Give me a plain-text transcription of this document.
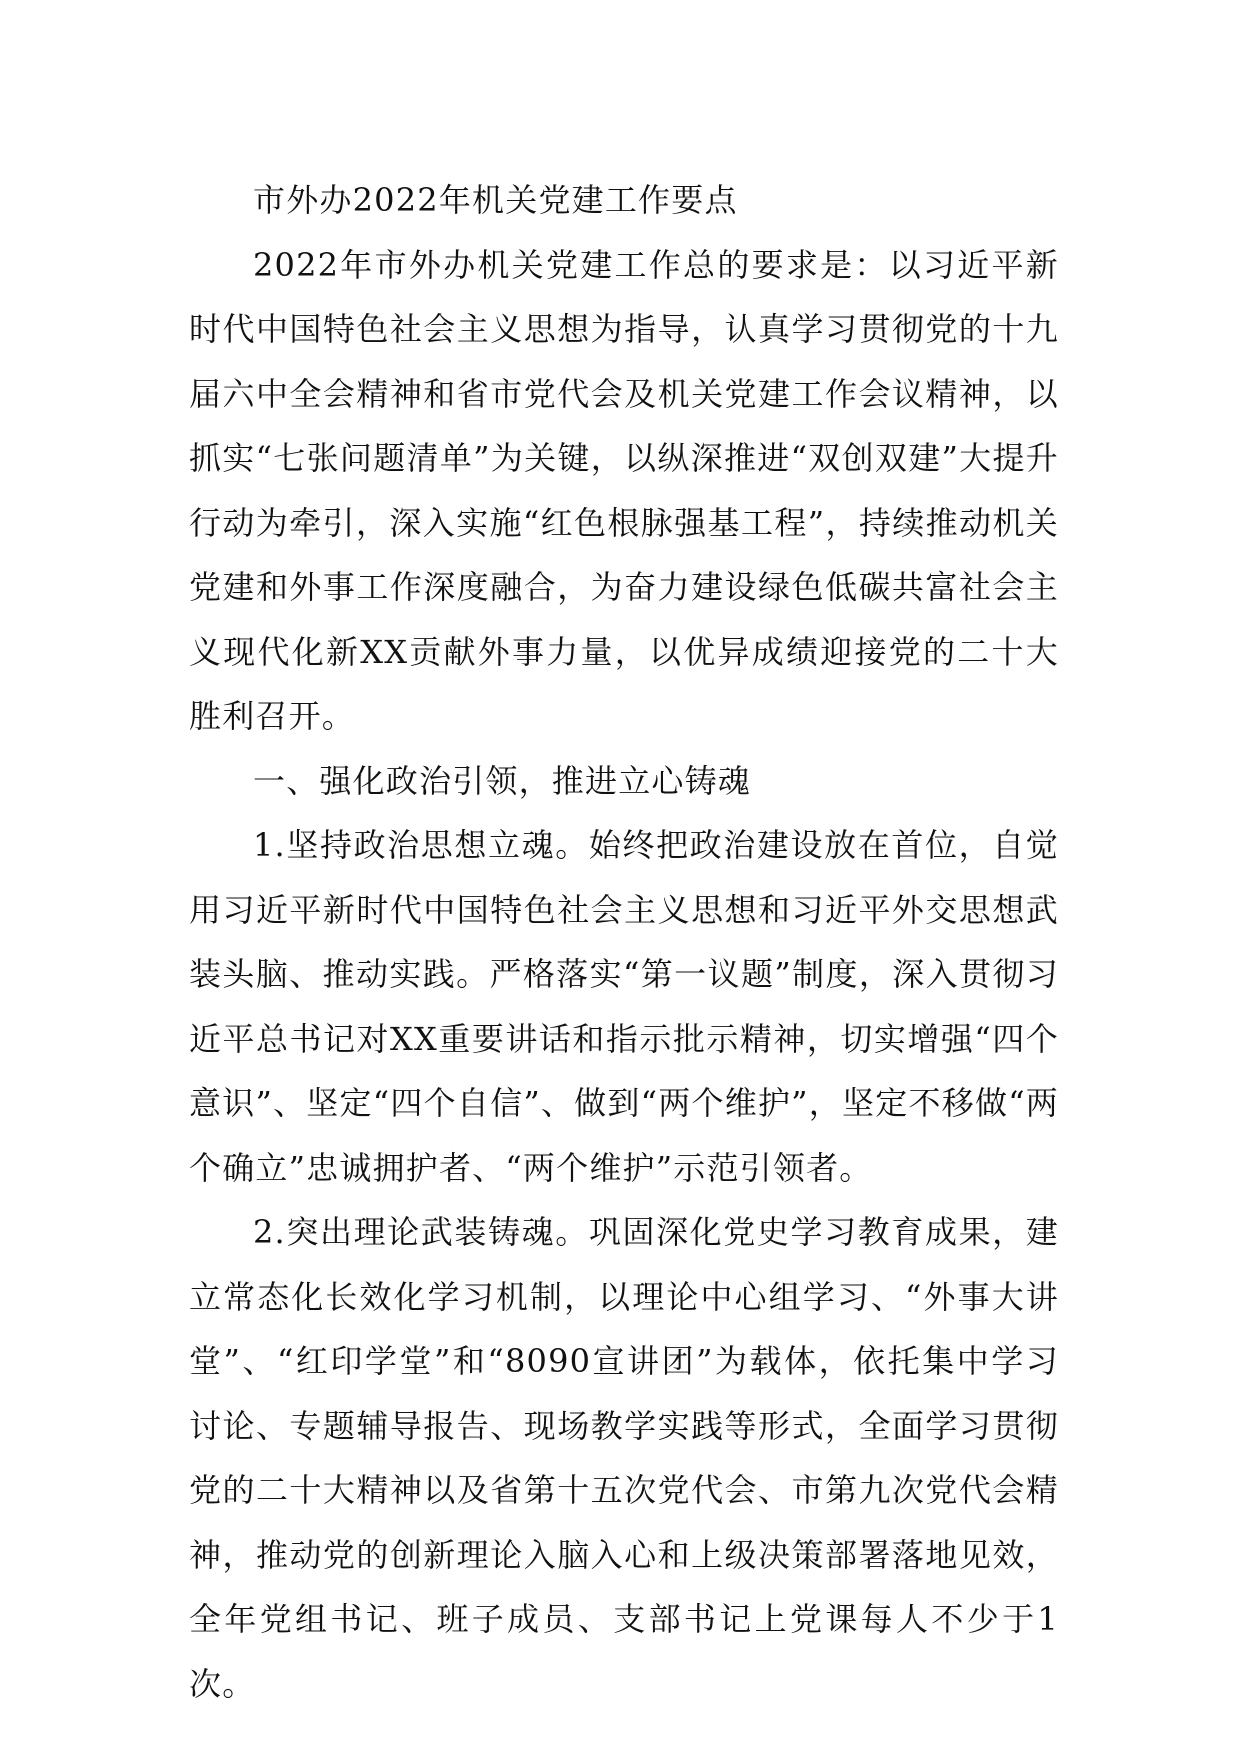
市外办2022年机关党建工作要点

2022年市外办机关党建工作总的要求是：以习近平新时代中国特色社会主义思想为指导，认真学习贯彻党的十九届六中全会精神和省市党代会及机关党建工作会议精神，以抓实“七张问题清单”为关键，以纵深推进“双创双建”大提升行动为牵引，深入实施“红色根脉强基工程”，持续推动机关党建和外事工作深度融合，为奋力建设绿色低碳共富社会主义现代化新XX贡献外事力量，以优异成绩迎接党的二十大胜利召开。

一、强化政治引领，推进立心铸魂

1.坚持政治思想立魂。始终把政治建设放在首位，自觉用习近平新时代中国特色社会主义思想和习近平外交思想武装头脑、推动实践。严格落实“第一议题”制度，深入贯彻习近平总书记对XX重要讲话和指示批示精神，切实增强“四个意识”、坚定“四个自信”、做到“两个维护”，坚定不移做“两个确立”忠诚拥护者、“两个维护”示范引领者。

2.突出理论武装铸魂。巩固深化党史学习教育成果，建立常态化长效化学习机制，以理论中心组学习、“外事大讲堂”、“红印学堂”和“8090宣讲团”为载体，依托集中学习讨论、专题辅导报告、现场教学实践等形式，全面学习贯彻党的二十大精神以及省第十五次党代会、市第九次党代会精神，推动党的创新理论入脑入心和上级决策部署落地见效，全年党组书记、班子成员、支部书记上党课每人不少于1次。
